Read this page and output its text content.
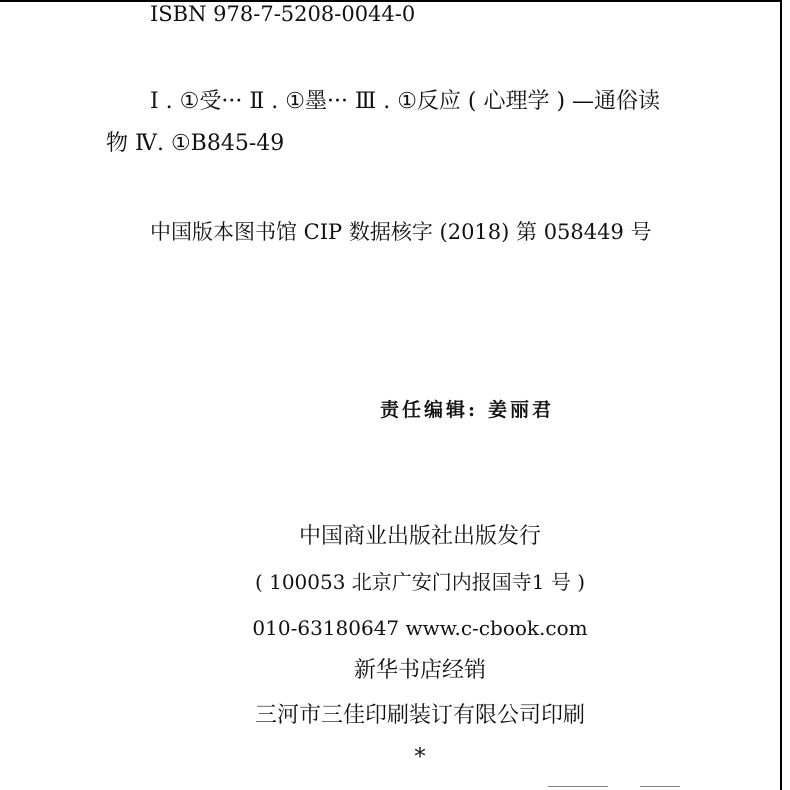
ISBN 978-7-5208-0044-0
Ⅰ . ①受··· Ⅱ . ①墨··· Ⅲ . ①反应 ( 心理学 ) —通俗读
物 Ⅳ. ①B845-49
中国版本图书馆 CIP 数据核字 (2018) 第 058449 号
责任编辑: 姜丽君
中国商业出版社出版发行
( 100053 北京广安门内报国寺1 号 )
010-63180647 www.c-cbook.com
新华书店经销
三河市三佳印刷装订有限公司印刷
*
